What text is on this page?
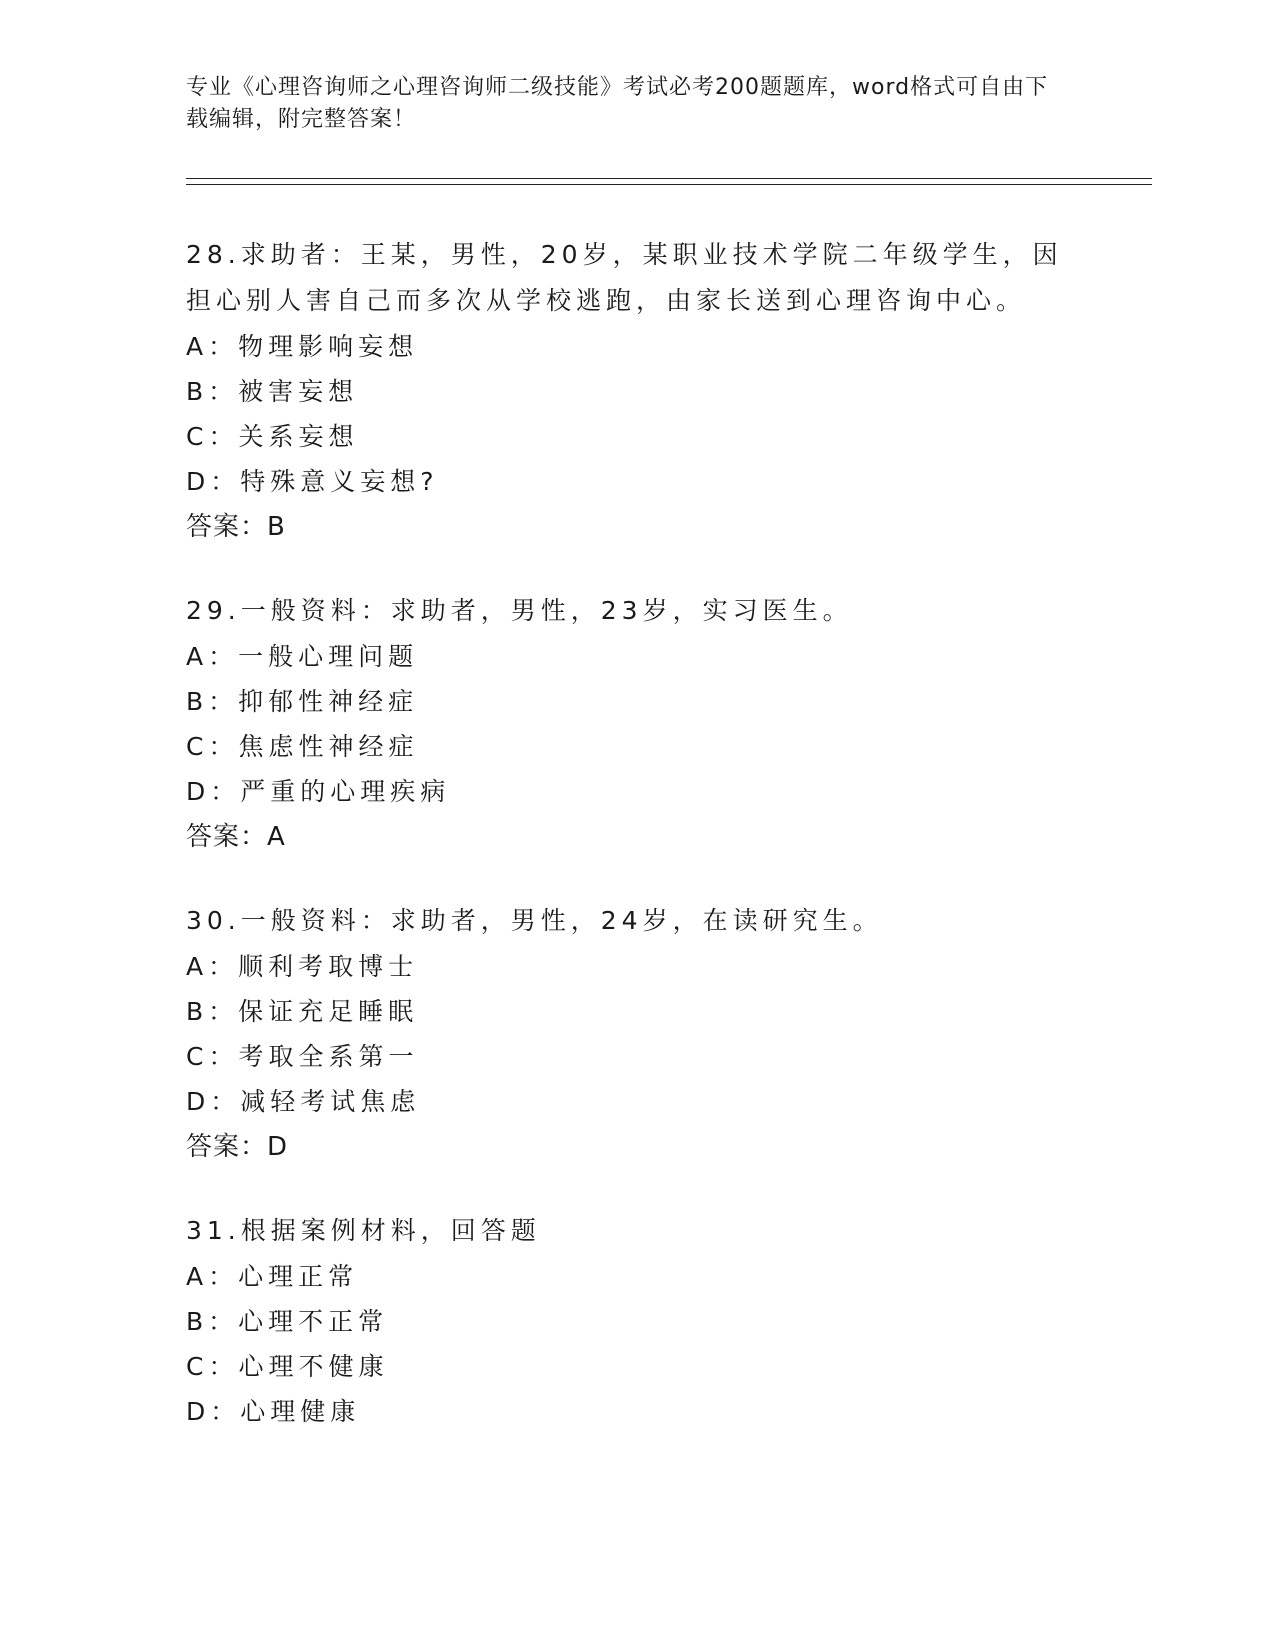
专业《心理咨询师之心理咨询师二级技能》考试必考200题题库，word格式可自由下载编辑，附完整答案！

28.求助者：王某，男性，20岁，某职业技术学院二年级学生，因担心别人害自己而多次从学校逃跑，由家长送到心理咨询中心。

A：物理影响妄想

B：被害妄想

C：关系妄想

D：特殊意义妄想?

答案：B

29.一般资料：求助者，男性，23岁，实习医生。

A：一般心理问题

B：抑郁性神经症

C：焦虑性神经症

D：严重的心理疾病

答案：A

30.一般资料：求助者，男性，24岁，在读研究生。

A：顺利考取博士

B：保证充足睡眠

C：考取全系第一

D：减轻考试焦虑

答案：D

31.根据案例材料，回答题

A：心理正常

B：心理不正常

C：心理不健康

D：心理健康
